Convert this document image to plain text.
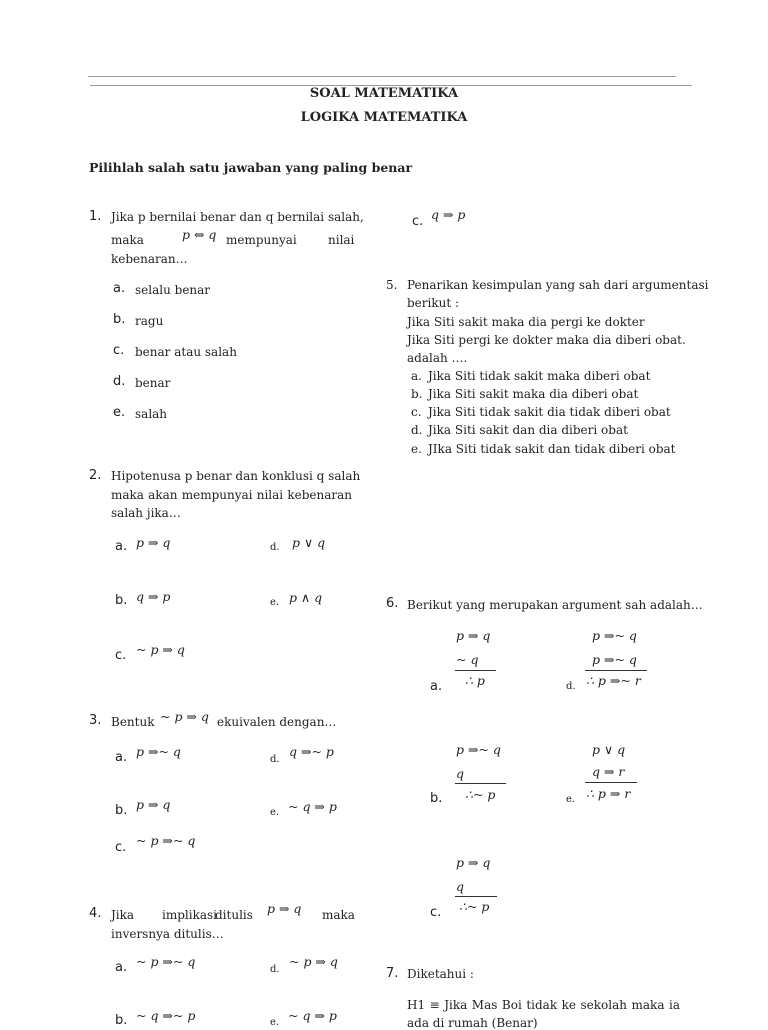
SOAL MATEMATIKA
LOGIKA MATEMATIKA
Pilihlah salah satu jawaban yang paling benar
1. Jika p bernilai benar dan q bernilai salah,
maka	p ⇔ q mempunyai	nilai
kebenaran…
a. selalu benar
b. ragu
c. benar atau salah
d. benar
e. salah
2. Hipotenusa p benar dan konklusi q salah
maka akan mempunyai nilai kebenaran
salah jika…
a. p ⇒ q
b. q ⇒ p
c. ~ p ⇒ q
d. p ∨ q
e. p ∧ q
3. Bentuk ~ p ⇒ q ekuivalen dengan…
a. p ⇒~ q
b. p ⇒ q
c. ~ p ⇒~ q
d.
q ⇒~ p
e. ~ q ⇒ p
4. Jika implikasi
ditulis p ⇒ q maka
inversnya ditulis…
a. ~ p ⇒~ q
b. ~ q ⇒~ p
d.
~ p ⇒ q
e. ~ q ⇒ p
c. q ⇒ p
5. Penarikan kesimpulan yang sah dari argumentasi
berikut :
Jika Siti sakit maka dia pergi ke dokter
Jika Siti pergi ke dokter maka dia diberi obat.
adalah ….
a. Jika Siti tidak sakit maka diberi obat
b. Jika Siti sakit maka dia diberi obat
c. Jika Siti tidak sakit dia tidak diberi obat
d. Jika Siti sakit dan dia diberi obat
e. JIka Siti tidak sakit dan tidak diberi obat
6. Berikut yang merupakan argument sah adalah…
p ⇒ q
~ q
∴ p
a.
p ⇒~ q
p ⇒~ q
∴ p ⇒~ r
d.
p ⇒~ q
q
∴~ p
b.
p ∨ q
q ⇒ r
∴ p ⇒ r
e.
p ⇒ q
q
∴~ p
c.
7. Diketahui :
H1 ≡ Jika Mas Boi tidak ke sekolah maka ia
ada di rumah (Benar)
